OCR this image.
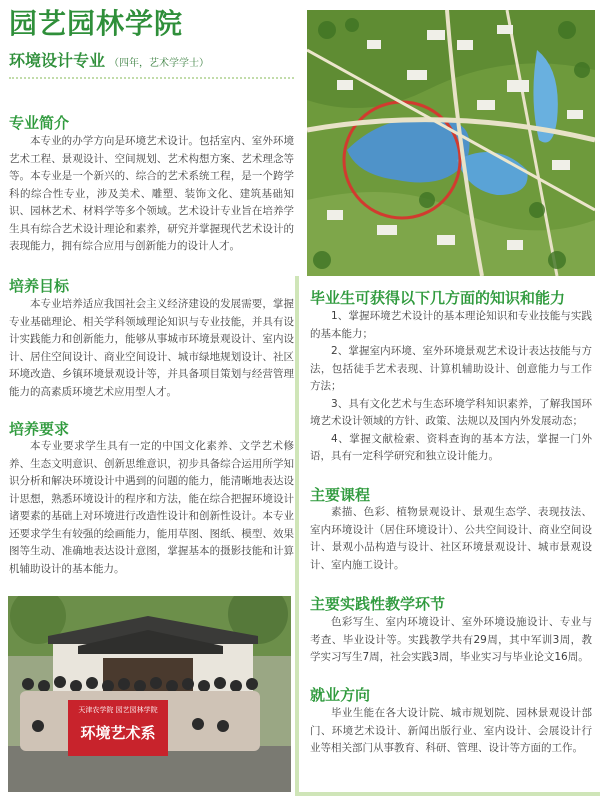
园艺园林学院
环境设计专业 （四年，艺术学学士）
专业简介
本专业的办学方向是环境艺术设计。包括室内、室外环境艺术工程、景观设计、空间规划、艺术构想方案、艺术理念等等。本专业是一个新兴的、综合的艺术系统工程，是一个跨学科的综合性专业，涉及美术、雕塑、装饰文化、建筑基础知识、园林艺术、材料学等多个领域。艺术设计专业旨在培养学生具有综合艺术设计理论和素养，研究并掌握现代艺术设计的表现能力，拥有综合应用与创新能力的设计人才。
培养目标
本专业培养适应我国社会主义经济建设的发展需要，掌握专业基础理论、相关学科领域理论知识与专业技能，并具有设计实践能力和创新能力，能够从事城市环境景观设计、室内设计、居住空间设计、商业空间设计、城市绿地规划设计、社区环境改造、乡镇环境景观设计等，并具备项目策划与经营管理能力的高素质环境艺术应用型人才。
培养要求
本专业要求学生具有一定的中国文化素养、文学艺术修养、生态文明意识、创新思维意识，初步具备综合运用所学知识分析和解决环境设计中遇到的问题的能力，能清晰地表达设计思想，熟悉环境设计的程序和方法，能在综合把握环境设计诸要素的基础上对环境进行改造性设计和创新性设计。本专业还要求学生有较强的绘画能力，能用草图、图纸、模型、效果图等生动、准确地表达设计意图，掌握基本的摄影技能和计算机辅助设计的基本能力。
天津农学院 园艺园林学院
环境艺术系
毕业生可获得以下几方面的知识和能力

1、掌握环境艺术设计的基本理论知识和专业技能与实践的基本能力；

2、掌握室内环境、室外环境景观艺术设计表达技能与方法，包括徒手艺术表现、计算机辅助设计、创意能力与工作方法；

3、具有文化艺术与生态环境学科知识素养，了解我国环境艺术设计领域的方针、政策、法规以及国内外发展动态；

4、掌握文献检索、资料查询的基本方法，掌握一门外语，具有一定科学研究和独立设计能力。

主要课程
素描、色彩、植物景观设计、景观生态学、表现技法、室内环境设计（居住环境设计）、公共空间设计、商业空间设计、景观小品构造与设计、社区环境景观设计、城市景观设计、室内施工设计。
主要实践性教学环节
色彩写生、室内环境设计、室外环境设施设计、专业与考查、毕业设计等。实践教学共有29周，其中军训3周，教学实习写生7周，社会实践3周，毕业实习与毕业论文16周。
就业方向
毕业生能在各大设计院、城市规划院、园林景观设计部门、环境艺术设计、新闻出版行业、室内设计、会展设计行业等相关部门从事教育、科研、管理、设计等方面的工作。
